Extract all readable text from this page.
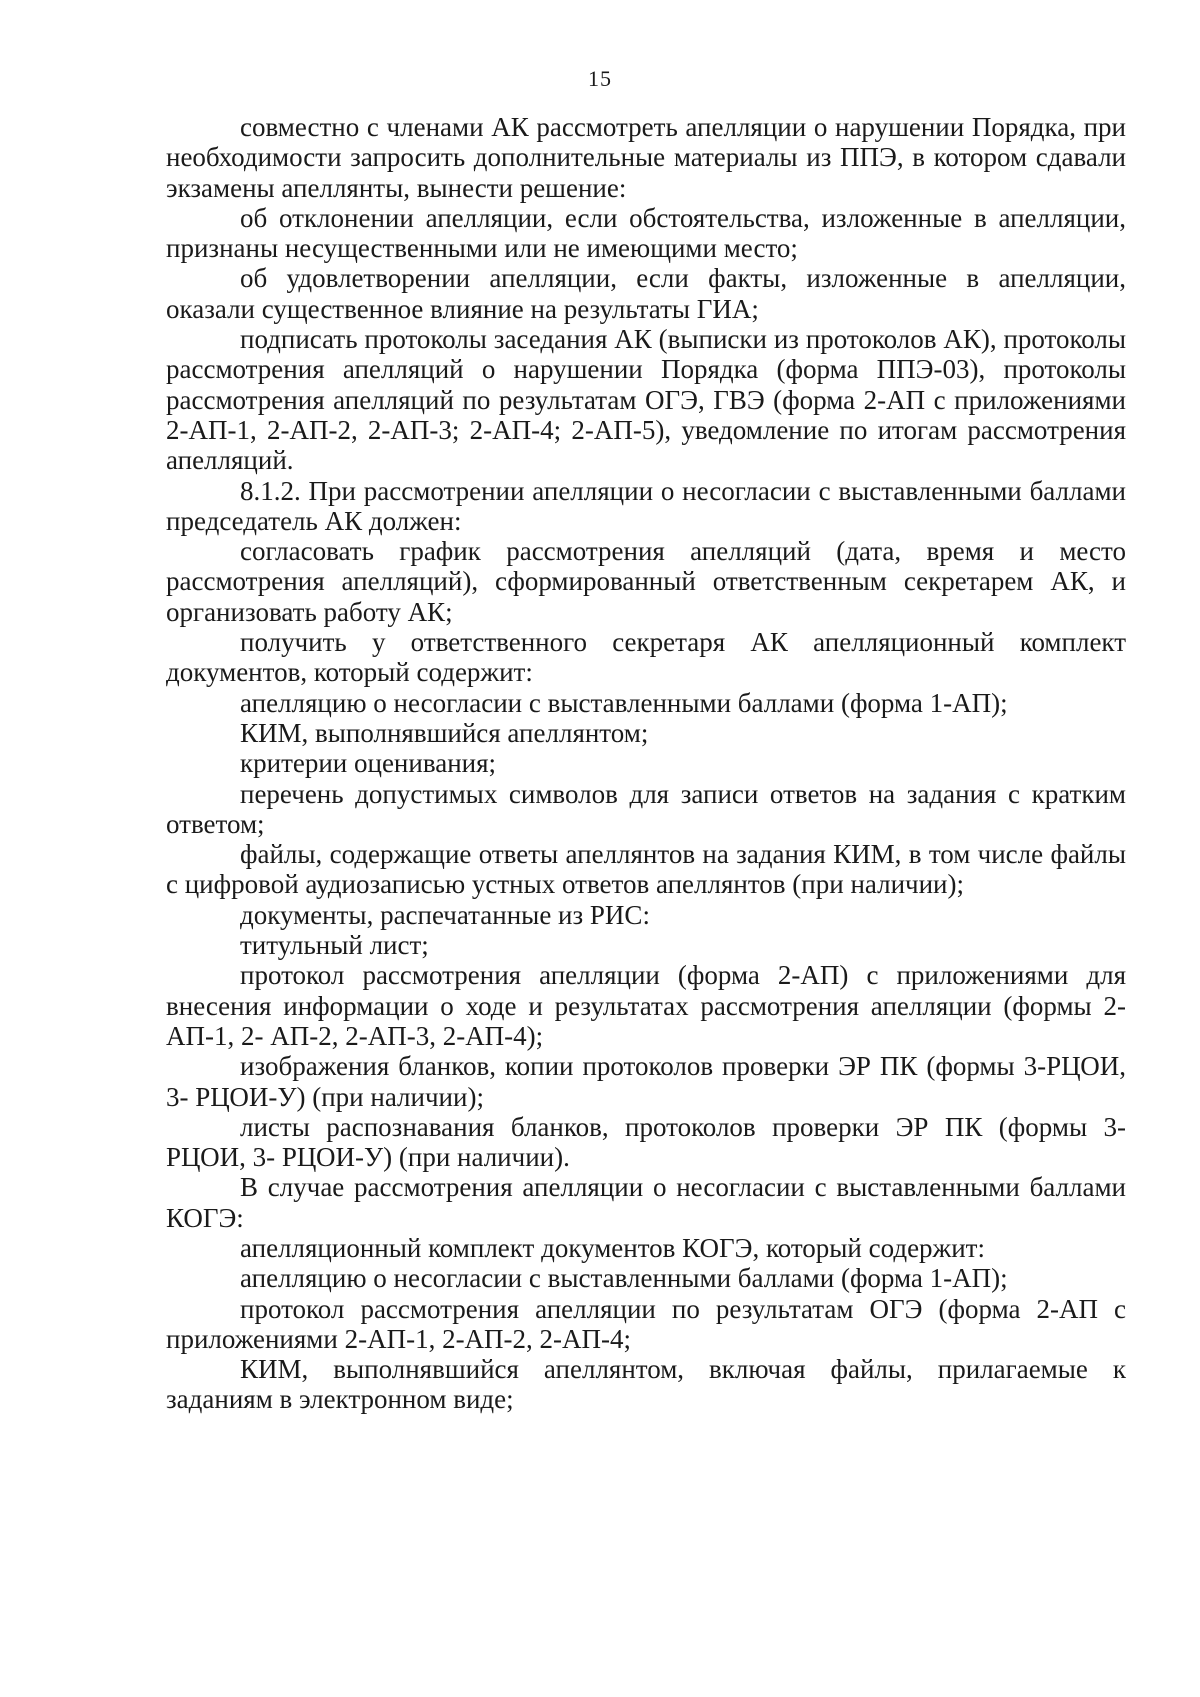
15

совместно с членами АК рассмотреть апелляции о нарушении Порядка, при необходимости запросить дополнительные материалы из ППЭ, в котором сдавали экзамены апеллянты, вынести решение:

об отклонении апелляции, если обстоятельства, изложенные в апелляции, признаны несущественными или не имеющими место;

об удовлетворении апелляции, если факты, изложенные в апелляции, оказали существенное влияние на результаты ГИА;

подписать протоколы заседания АК (выписки из протоколов АК), протоколы рассмотрения апелляций о нарушении Порядка (форма ППЭ-03), протоколы рассмотрения апелляций по результатам ОГЭ, ГВЭ (форма 2-АП с приложениями 2-АП-1, 2-АП-2, 2-АП-3; 2-АП-4; 2-АП-5), уведомление по итогам рассмотрения апелляций.

8.1.2. При рассмотрении апелляции о несогласии с выставленными баллами председатель АК должен:

согласовать график рассмотрения апелляций (дата, время и место рассмотрения апелляций), сформированный ответственным секретарем АК, и организовать работу АК;

получить у ответственного секретаря АК апелляционный комплект документов, который содержит:

апелляцию о несогласии с выставленными баллами (форма 1-АП);

КИМ, выполнявшийся апеллянтом;

критерии оценивания;

перечень допустимых символов для записи ответов на задания с кратким ответом;

файлы, содержащие ответы апеллянтов на задания КИМ, в том числе файлы с цифровой аудиозаписью устных ответов апеллянтов (при наличии);

документы, распечатанные из РИС:

титульный лист;

протокол рассмотрения апелляции (форма 2-АП) с приложениями для внесения информации о ходе и результатах рассмотрения апелляции (формы 2-АП-1, 2- АП-2, 2-АП-3, 2-АП-4);

изображения бланков, копии протоколов проверки ЭР ПК (формы 3-РЦОИ, 3- РЦОИ-У) (при наличии);

листы распознавания бланков, протоколов проверки ЭР ПК (формы 3-РЦОИ, 3- РЦОИ-У) (при наличии).

В случае рассмотрения апелляции о несогласии с выставленными баллами КОГЭ:

апелляционный комплект документов КОГЭ, который содержит:

апелляцию о несогласии с выставленными баллами (форма 1-АП);

протокол рассмотрения апелляции по результатам ОГЭ (форма 2-АП с приложениями 2-АП-1, 2-АП-2, 2-АП-4;

КИМ, выполнявшийся апеллянтом, включая файлы, прилагаемые к заданиям в электронном виде;
